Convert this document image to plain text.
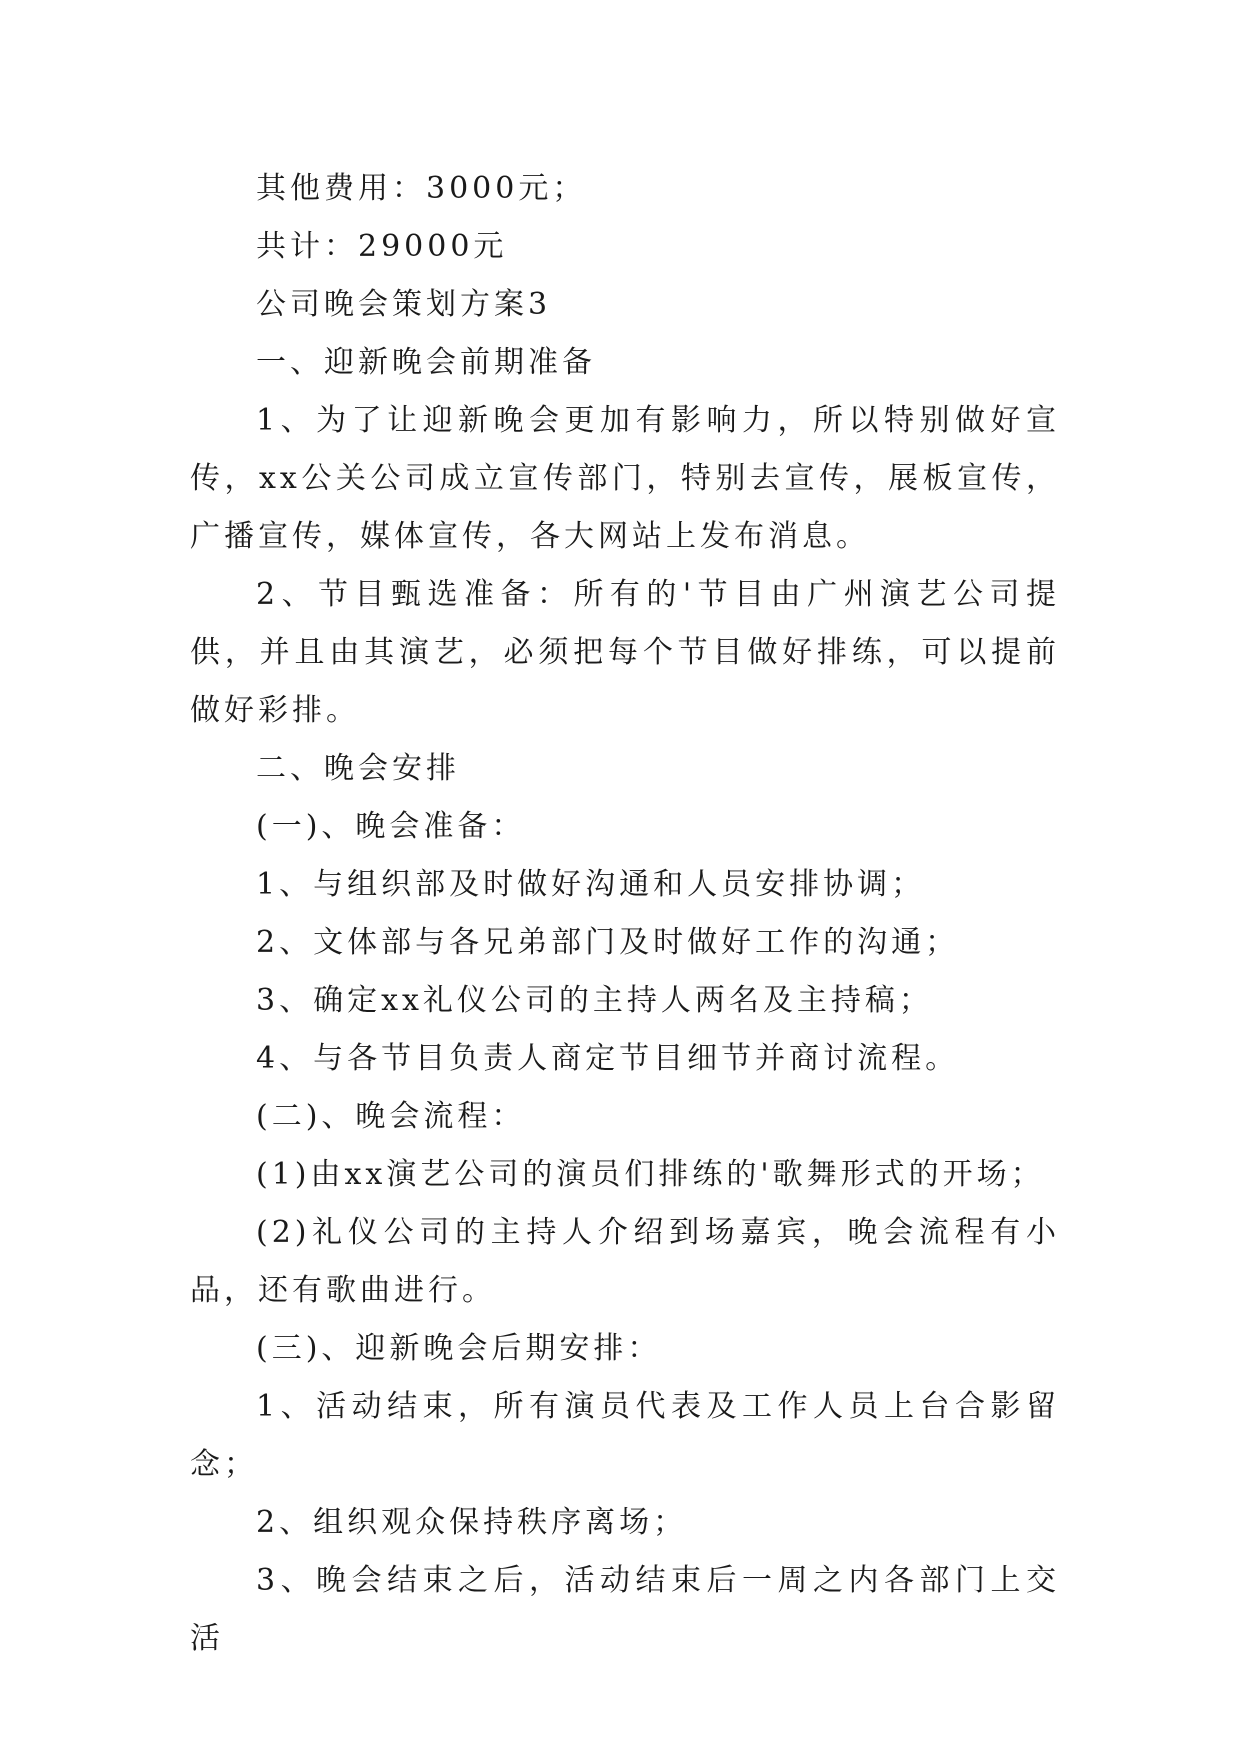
其他费用：3000元；

共计：29000元

公司晚会策划方案3

一、迎新晚会前期准备

1、为了让迎新晚会更加有影响力，所以特别做好宣传，xx公关公司成立宣传部门，特别去宣传，展板宣传，广播宣传，媒体宣传，各大网站上发布消息。

2、节目甄选准备：所有的'节目由广州演艺公司提供，并且由其演艺，必须把每个节目做好排练，可以提前做好彩排。

二、晚会安排

(一)、晚会准备：

1、与组织部及时做好沟通和人员安排协调；

2、文体部与各兄弟部门及时做好工作的沟通；

3、确定xx礼仪公司的主持人两名及主持稿；

4、与各节目负责人商定节目细节并商讨流程。

(二)、晚会流程：

(1)由xx演艺公司的演员们排练的'歌舞形式的开场；

(2)礼仪公司的主持人介绍到场嘉宾，晚会流程有小品，还有歌曲进行。

(三)、迎新晚会后期安排：

1、活动结束，所有演员代表及工作人员上台合影留念；

2、组织观众保持秩序离场；

3、晚会结束之后，活动结束后一周之内各部门上交活
